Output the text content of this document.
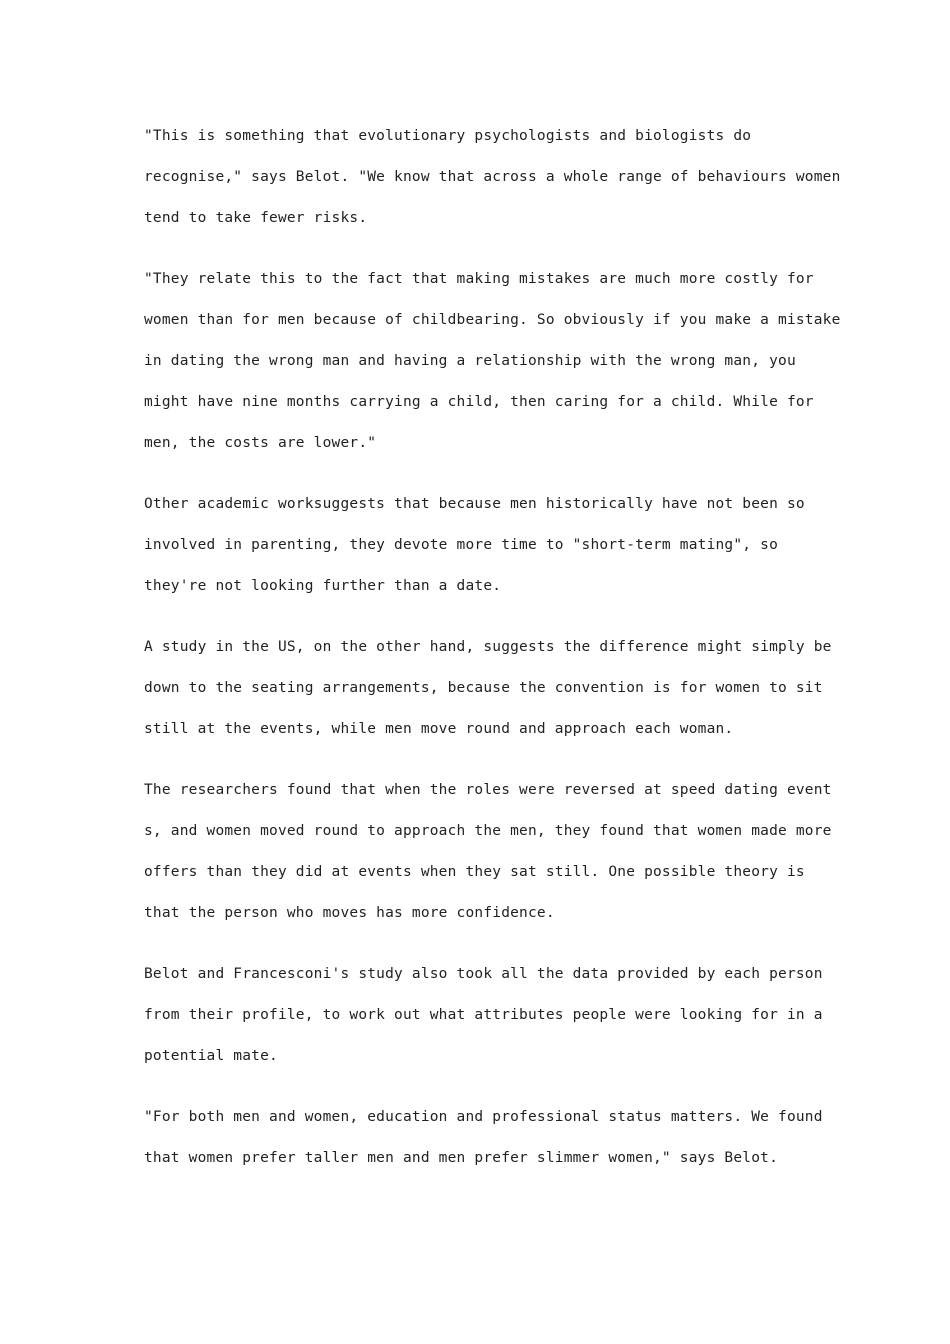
"This is something that evolutionary psychologists and biologists do
recognise," says Belot. "We know that across a whole range of behaviours women
tend to take fewer risks.

"They relate this to the fact that making mistakes are much more costly for
women than for men because of childbearing. So obviously if you make a mistake
in dating the wrong man and having a relationship with the wrong man, you
might have nine months carrying a child, then caring for a child. While for
men, the costs are lower."

Other academic worksuggests that because men historically have not been so
involved in parenting, they devote more time to "short-term mating", so
they're not looking further than a date.

A study in the US, on the other hand, suggests the difference might simply be
down to the seating arrangements, because the convention is for women to sit
still at the events, while men move round and approach each woman.

The researchers found that when the roles were reversed at speed dating event
s, and women moved round to approach the men, they found that women made more
offers than they did at events when they sat still. One possible theory is
that the person who moves has more confidence.

Belot and Francesconi's study also took all the data provided by each person
from their profile, to work out what attributes people were looking for in a
potential mate.

"For both men and women, education and professional status matters. We found
that women prefer taller men and men prefer slimmer women," says Belot.
